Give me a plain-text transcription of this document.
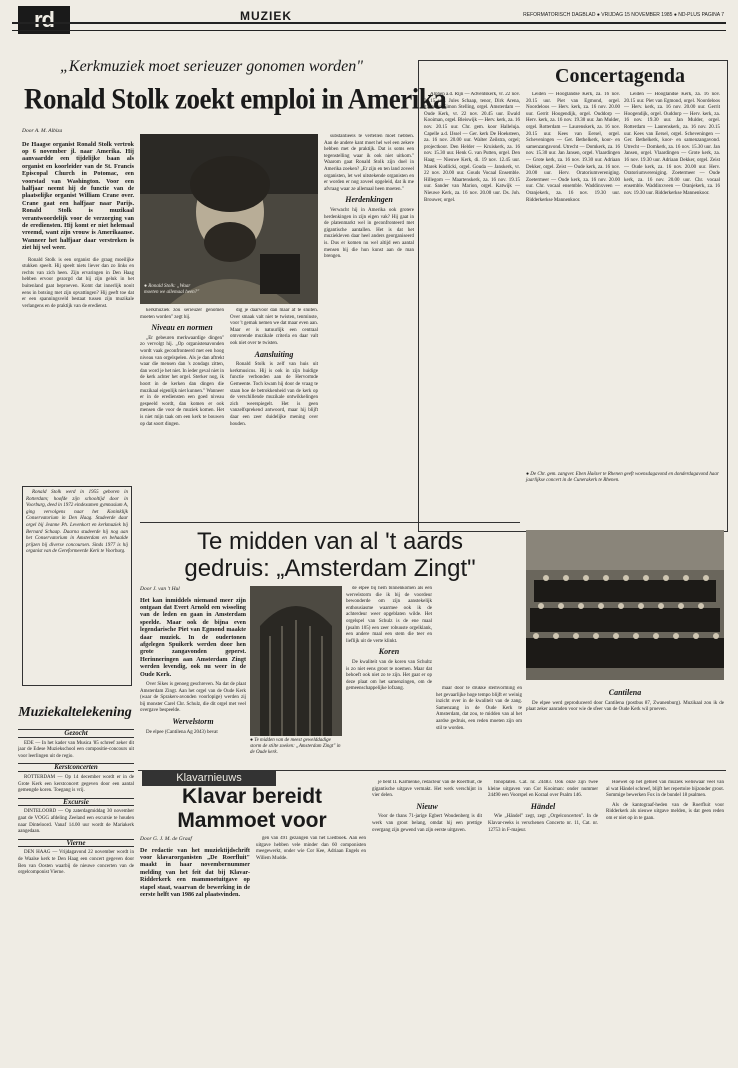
rd	MUZIEK	REFORMATORISCH DAGBLAD ● VRIJDAG 15 NOVEMBER 1985 ● ND-PLUS PAGINA 7
„Kerkmuziek moet serieuzer gonomen worden"
Ronald Stolk zoekt emploi in Amerika
Door A. M. Albiza
De Haagse organist Ronald Stolk vertrok op 6 november jl. naar Amerika. Hij aanvaardde een tijdelijke baan als organist en koorleider van de St. Francis Episcopal Church in Potomac, een voorstad van Washington. Voor een halfjaar neemt hij de functie van de plaatselijke organist William Crane over. Crane gaat een halfjaar naar Parijs. Ronald Stolk is muzikaal verantwoordelijk voor de verzorging van de erediensten. Hij komt er niet helemaal vreemd, want zijn vrouw is Amerikaanse. Wanneer het halfjaar daar verstreken is ziet hij wel weer.

Ronald Stolk is een organist die graag moeilijke stukken speelt. Hij speelt niets liever dan zo links en rechts van zich heen. Zijn ervaringen in Den Haag hebben ervoor gezorgd dat hij zijn geluk in het buitenland gaat beproeven. Komt dat innerlijk nooit eens in botsing met zijn opvattingen? Hij geeft toe dat er een spanningsveld bestaat tussen zijn muzikale verlangens en de praktijk van de eredienst.

● Ronald Stolk: „Waar moeten we allemaal heen?"

kerkmuziek zou serieuzer genomen moeten worden" zegt hij.

Niveau en normen

„Er gebeuren merkwaardige dingen" zo vervolgt hij. „Op organistenavonden wordt vaak geconfronteerd met een hoog niveau van orgelspelen. Als je dan aftrekt waar die mensen dan 's zondags zitten, dan word je het niet. In ieder geval niet in de kerk achter het orgel. Sterker nog, ik hoort in de kerken dan dingen die muzikaal eigenlijk niet kunnen." Wanneer er in de erediensten een goed niveau gespeeld wordt, dan komen er ook mensen die voor de muziek komen. Het is niet mijn taak om een kerk te bouwen op dat soort dingen.

dig je daarvoor dan maar af te sluiten. Over smaak valt niet te twisten, tenminste, voor 't gemak nemen we dat maar even aan. Maar er is natuurlijk een centraal omvorende muzikale criteria en daar valt ook niet over te twisten.

Aansluiting

Ronald Stolk is zelf van huis uit kerkmusicus. Hij is ook in zijn huidige functie verbonden aan de Hervormde Gemeente. Toch kwam hij door de vraag te staan hoe de betrokkenheid van de kerk op de verschillende muzikale ontwikkelingen zich weerspiegelt. Het is geen vanzelfsprekend antwoord, maar hij blijft daar een zeer duidelijke mening over houden.

substantieels te vertellen moet hebben. Aan de andere kant moet hel wel een zekere hebben met de praktijk. Dat is soms een tegenstelling waar ik ook niet uitkom." Waarom gaat Ronald Stolk zijn doel in Amerika zoeken? „Er zijn en ten land zoveel organisten, let wel uitstekende organisten en er worden er nog zoveel opgeleid, dat ik me afvraag waar ze allemaal heen moeten."

Herdenkingen

Verwacht hij in Amerika ook grotere herdenkingen in zijn eigen vak? Hij gaat in de platenmarkt wel in geconfronteerd met gigantische aantallen. Het is dat het muziekleven daar heel anders georganiseerd is. Dus er komen nu wel altijd een aantal mensen bij die hun kunst aan de man brengen.

Ronald Stolk werd in 1955 geboren in Rotterdam; hoofde zijn schooltijd door in Voorburg, deed in 1972 eindexamen gymnasium A, ging vervolgens naar het Koninklijk Conservatorium in Den Haag. Studeerde daar orgel bij Jeanne Ph. Levenkort en kerkmuziek bij Bernard Schaap. Daarna studeerde hij nog aan het Conservatorium in Amsterdam en behaalde prijzen bij diverse concoursen. Sinds 1977 is hij organist van de Gereformeerde Kerk te Voorburg.

Concertagenda

Alphen a.d. Rijn — Adventskerk, vr. 22 nov. 20.15 uur. Jules Schaap, tenor, Dirk Arena, gitaar en Simon Stelling, orgel. Amsterdam — Oude Kerk, vr. 22 nov. 20.45 uur. Ewald Kooiman, orgel. Bleiswijk — Herv. kerk, za. 16 nov. 20.15 uur. Chr. gem. koor Halleluja. Capelle a.d. IJssel — Ger. kerk De Hoeksteen, za. 16 nov. 20.00 uur. Walter Zeilstra, orgel; projectkoor. Den Helder — Kruiskerk, za. 16 nov. 15.30 uur. Henk G. van Putten, orgel. Den Haag — Nieuwe Kerk, di. 19 nov. 12.45 uur. Marek Kudlicki, orgel. Gouda — Janskerk, vr. 22 nov. 20.00 uur. Gouds Vocaal Ensemble. Hillegom — Maartenskerk, za. 16 nov. 19.15 uur. Sander van Marion, orgel. Katwijk — Nieuwe Kerk, za. 16 nov. 20.00 uur. Ds. Joh. Brouwer, orgel.

Leiden — Hooglandse Kerk, za. 16 nov. 20.15 uur. Piet van Egmond, orgel. Noordeloos — Herv. kerk, za. 16 nov. 20.00 uur. Gerrit Hoogendijk, orgel. Ouddorp — Herv. kerk, za. 16 nov. 19.30 uur. Jan Mulder, orgel. Rotterdam — Laurenskerk, za. 16 nov. 20.15 uur. Kees van Eersel, orgel. Scheveningen — Ger. Bethelkerk, koor- en samenzangavond. Utrecht — Domkerk, za. 16 nov. 15.30 uur. Jan Jansen, orgel. Vlaardingen — Grote kerk, za. 16 nov. 19.30 uur. Adriaan Dekker, orgel. Zeist — Oude kerk, za. 16 nov. 20.00 uur. Herv. Oratoriumvereniging. Zoetermeer — Oude kerk, za. 16 nov. 20.00 uur. Chr. vocaal ensemble. Waddinxveen — Oranjekerk, za. 16 nov. 19.30 uur. Ridderkerkse Mannenkoor.

Leiden — Hooglandse Kerk, za. 16 nov. 20.15 uur. Piet van Egmond, orgel. Noordeloos — Herv. kerk, za. 16 nov. 20.00 uur. Gerrit Hoogendijk, orgel. Ouddorp — Herv. kerk, za. 16 nov. 19.30 uur. Jan Mulder, orgel. Rotterdam — Laurenskerk, za. 16 nov. 20.15 uur. Kees van Eersel, orgel. Scheveningen — Ger. Bethelkerk, koor- en samenzangavond. Utrecht — Domkerk, za. 16 nov. 15.30 uur. Jan Jansen, orgel. Vlaardingen — Grote kerk, za. 16 nov. 19.30 uur. Adriaan Dekker, orgel. Zeist — Oude kerk, za. 16 nov. 20.00 uur. Herv. Oratoriumvereniging. Zoetermeer — Oude kerk, za. 16 nov. 20.00 uur. Chr. vocaal ensemble. Waddinxveen — Oranjekerk, za. 16 nov. 19.30 uur. Ridderkerkse Mannenkoor.

● De Chr. gem. zangver. Eben Haëzer te Rhenen geeft woensdagavond en donderdagavond haar jaarlijkse concert in de Cunerakerk te Rhenen.
Te midden van al 't aards gedruis: „Amsterdam Zingt"
Door J. van 't Hul
Het kan inmiddels niemand meer zijn ontgaan dat Evert Arnold een wisseling van de leden en gaan in Amsterdam speelde. Maar ook de bijna even legendarische Piet van Egmond maakte daar muziek. In de oudertonen afgelegen Spuikerk werden door hen grote zangavonden geperst. Herinneringen aan Amsterdam Zingt werden levendig, ook nu weer in de Oude Kerk.

Over Sikes is genoeg geschreven. Na dat de plaat Amsterdam Zingt. Aan het orgel van de Oude Kerk (waar de Sprakers-avonden voorlopige) werden zij bij monster Carel Chr. Schulz, die dit orgel met veel overgave bespeelde.

Wervelstorm

De elpee (Cantilena Ag 2043) bevat

● Te midden van de meest gewelddadige storm de stilte zoeken: „Amsterdam Zingt" in de Oude kerk.

de elpee bij hem binnenkomen als een wervelstorm die ik bij de voordeur bewonderde om zijn aanstekelijk enthousiasme waarmee ook ik de achterdeur weer opgeblaten wilde. Het orgelspel van Schulz is de ene maal (psalm 105) een zeer robuuste orgelklank, een andere maal een stem die teer en lieflijk uit de verte klinkt.

Koren

De kwaliteit van de koren van Schultz is zo niet eens groot te noemen. Maar dat behoeft ook niet zo te zijn. Het gaat er op deze plaat om het samenzingen, om de gemeenschappelijke lofzang.	maar door te drukke stemvorming en het gevaarlijke hoge tempo blijft er weinig inzicht over in de kwaliteit van de zang. Samenzang in de Oude Kerk te Amsterdam, dat zou, te midden van al het aardse gedruis, een reden moeten zijn om stil te worden.

Cantilena

De elpee werd geproduceerd door Cantilena (postbus 87, Zwanenburg). Muzikaal zou ik de plaat zeker aanraden voor wie de sfeer van de Oude Kerk wil proeven.

Muziekaltelekening
Gezocht

EDE — In het kader van Musica '85 schreef zeker dit jaar de Edese Muziekschool een compositie-concours uit voor leerlingen uit de regio.

Kerstconcerten

ROTTERDAM — Op 14 december wordt er in de Grote Kerk een kerstconcert gegeven door een aantal gemengde koren. Toegang is vrij.

Excursie

DINTELOORD — Op zaterdagmiddag 30 november gaat de VOGG afdeling Zeeland een excursie te houden naar Dinteloord. Vanaf 14.00 uur wordt de Mariakerk aangedaan.

Vierne

DEN HAAG — Vrijdagavond 22 november wordt in de Waalse kerk te Den Haag een concert gegeven door Ben van Oosten waarbij de nieuwe concerten van de orgelcomponist Vierne.

Klavarnieuws
Klavar bereidt Mammoet voor
Door G. J. M. de Graaf
De redactie van het muziektijdschrift voor klavarorganisten „De Roerfluit" maakt in haar novembernummer melding van het feit dat bij Klavar-Ridderkerk een mammoetuitgave op stapel staat, waarvan de bewerking in de eerste helft van 1986 zal plaatsvinden.

gen van 491 gezangen van het Liedboek. Aan een uitgave hebben vele minder dan 60 componisten meegewerkt, onder wie Cor Kee, Adriaan Engels en Willem Mudde.

je bent II. Karmenke, redacteur van de Roerfluit, de gigantische uitgave vermakt. Het werk verschijnt in vier delen.

Nieuw

Voor de thans 71-jarige Egbert Woudenberg is dit werk van groot belang, omdat hij een prettige overgang zijn gewend van zijn eerste uitgaven.

fonoplaten. Cat. nr. 24483. Ook onze zijn twee kleine uitgaven van Cor Kooiman: onder nummer 24490 een Voorspel en Koraal over Psalm 146.

Händel

Wie „Händel" zegt, zegt „Orgelconcerten". In de Klavar-reeks is verschenen Concerto nr. 11, Cat. nr. 12753 in F-majeur.

Hoewel op het gebied van muziek weliswaar veel van al wat Händel schreef, blijft het repertoire bijzonder groot. Sommige bewerken Fox in de bundel 18 psalmen.

Als de kantograaf-heden van de Roerfluit voor Ridderkerk als nieuwe uitgave melden, is dat geen reden om er niet op in te gaan.
